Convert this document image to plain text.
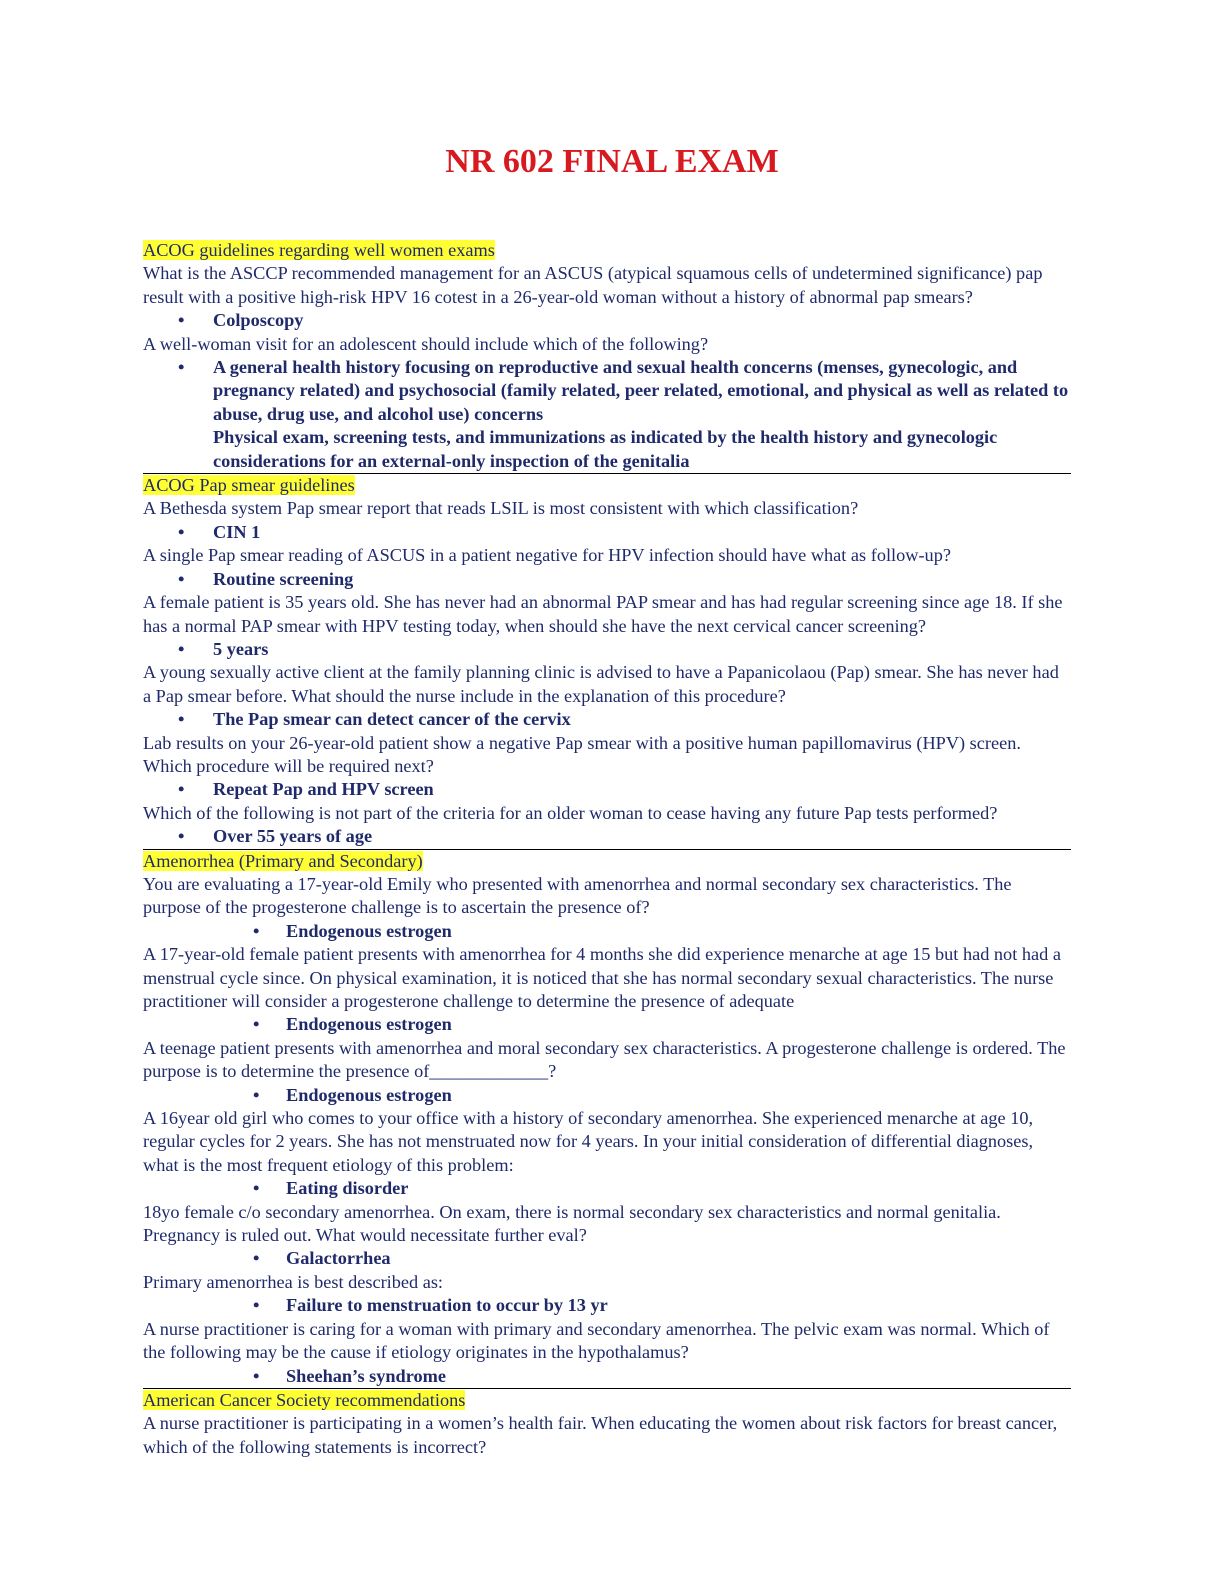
NR 602 FINAL EXAM
ACOG guidelines regarding well women exams

What is the ASCCP recommended management for an ASCUS (atypical squamous cells of undetermined significance) pap result with a positive high-risk HPV 16 cotest in a 26-year-old woman without a history of abnormal pap smears?

•	Colposcopy

A well-woman visit for an adolescent should include which of the following?

•	A general health history focusing on reproductive and sexual health concerns (menses, gynecologic, and pregnancy related) and psychosocial (family related, peer related, emotional, and physical as well as related to abuse, drug use, and alcohol use) concerns

Physical exam, screening tests, and immunizations as indicated by the health history and gynecologic considerations for an external-only inspection of the genitalia

ACOG Pap smear guidelines

A Bethesda system Pap smear report that reads LSIL is most consistent with which classification?

•	CIN 1

A single Pap smear reading of ASCUS in a patient negative for HPV infection should have what as follow-up?

•	Routine screening

A female patient is 35 years old. She has never had an abnormal PAP smear and has had regular screening since age 18. If she has a normal PAP smear with HPV testing today, when should she have the next cervical cancer screening?

•	5 years

A young sexually active client at the family planning clinic is advised to have a Papanicolaou (Pap) smear. She has never had a Pap smear before. What should the nurse include in the explanation of this procedure?

•	The Pap smear can detect cancer of the cervix

Lab results on your 26-year-old patient show a negative Pap smear with a positive human papillomavirus (HPV) screen. Which procedure will be required next?

•	Repeat Pap and HPV screen

Which of the following is not part of the criteria for an older woman to cease having any future Pap tests performed?

•	Over 55 years of age
Amenorrhea (Primary and Secondary)

You are evaluating a 17-year-old Emily who presented with amenorrhea and normal secondary sex characteristics. The purpose of the progesterone challenge is to ascertain the presence of?

•	Endogenous estrogen

A 17-year-old female patient presents with amenorrhea for 4 months she did experience menarche at age 15 but had not had a menstrual cycle since. On physical examination, it is noticed that she has normal secondary sexual characteristics. The nurse practitioner will consider a progesterone challenge to determine the presence of adequate

•	Endogenous estrogen

A teenage patient presents with amenorrhea and moral secondary sex characteristics. A progesterone challenge is ordered. The purpose is to determine the presence of_____________?

•	Endogenous estrogen

A 16year old girl who comes to your office with a history of secondary amenorrhea. She experienced menarche at age 10, regular cycles for 2 years. She has not menstruated now for 4 years. In your initial consideration of differential diagnoses, what is the most frequent etiology of this problem:

•	Eating disorder

18yo female c/o secondary amenorrhea. On exam, there is normal secondary sex characteristics and normal genitalia. Pregnancy is ruled out. What would necessitate further eval?

•	Galactorrhea

Primary amenorrhea is best described as:

•	Failure to menstruation to occur by 13 yr

A nurse practitioner is caring for a woman with primary and secondary amenorrhea. The pelvic exam was normal. Which of the following may be the cause if etiology originates in the hypothalamus?

•	Sheehan’s syndrome
American Cancer Society recommendations

A nurse practitioner is participating in a women’s health fair. When educating the women about risk factors for breast cancer, which of the following statements is incorrect?
